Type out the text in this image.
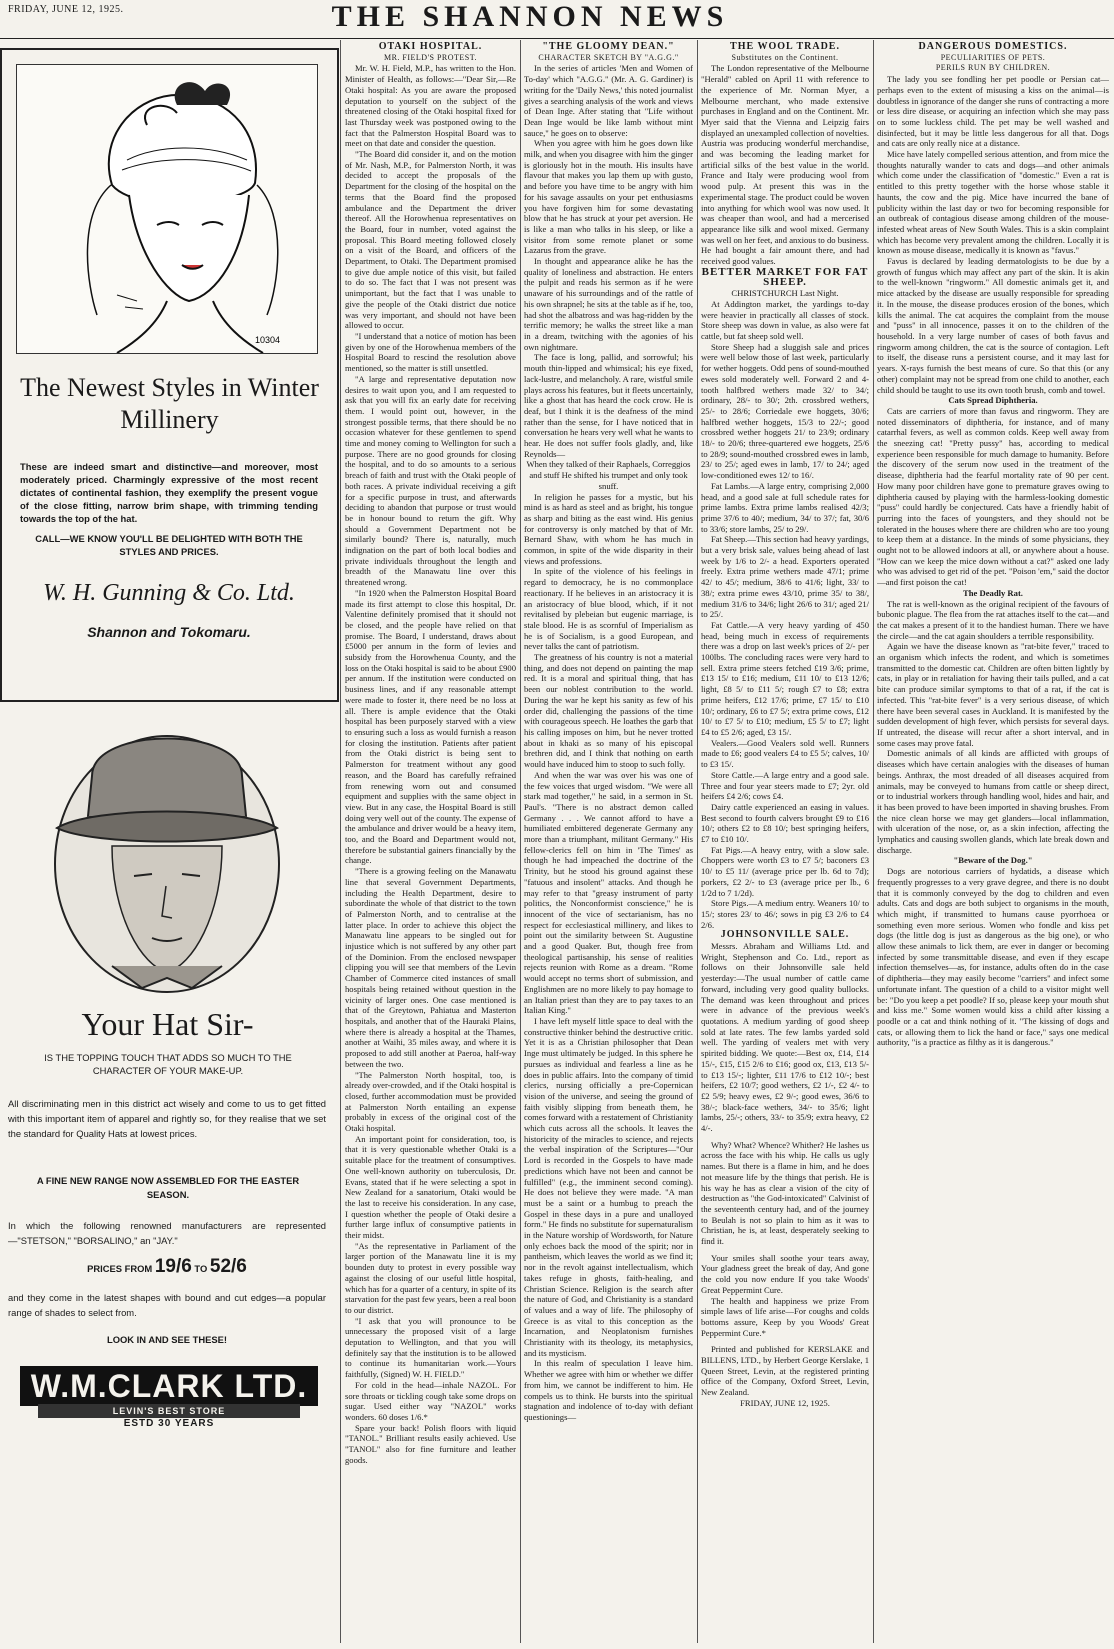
FRIDAY, JUNE 12, 1925.	THE SHANNON NEWS
10304
The Newest Styles in Winter Millinery
These are indeed smart and distinctive—and moreover, most moderately priced. Charmingly expressive of the most recent dictates of continental fashion, they exemplify the present vogue of the close fitting, narrow brim shape, with trimming tending towards the top of the hat.
CALL—WE KNOW YOU'LL BE DELIGHTED WITH BOTH THE STYLES AND PRICES.
W. H. Gunning & Co. Ltd.
Shannon and Tokomaru.
Your Hat Sir-
IS THE TOPPING TOUCH THAT ADDS SO MUCH TO THE CHARACTER OF YOUR MAKE-UP.
All discriminating men in this district act wisely and come to us to get fitted with this important item of apparel and rightly so, for they realise that we set the standard for Quality Hats at lowest prices.
A FINE NEW RANGE NOW ASSEMBLED FOR THE EASTER SEASON.
In which the following renowned manufacturers are represented—"STETSON," "BORSALINO," an "JAY."
PRICES FROM 19/6 TO 52/6
and they come in the latest shapes with bound and cut edges—a popular range of shades to select from.
LOOK IN AND SEE THESE!
W.M.CLARK LTD.
LEVIN'S BEST STORE
ESTD 30 YEARS

OTAKI HOSPITAL.

MR. FIELD'S PROTEST.

Mr. W. H. Field, M.P., has written to the Hon. Minister of Health, as follows:—"Dear Sir,—Re Otaki hospital: As you are aware the proposed deputation to yourself on the subject of the threatened closing of the Otaki hospital fixed for last Thursday week was postponed owing to the fact that the Palmerston Hospital Board was to meet on that date and consider the question.

"The Board did consider it, and on the motion of Mr. Nash, M.P., for Palmerston North, it was decided to accept the proposals of the Department for the closing of the hospital on the terms that the Board find the proposed ambulance and the Department the driver thereof. All the Horowhenua representatives on the Board, four in number, voted against the proposal. This Board meeting followed closely on a visit of the Board, and officers of the Department, to Otaki. The Department promised to give due ample notice of this visit, but failed to do so. The fact that I was not present was unimportant, but the fact that I was unable to give the people of the Otaki district due notice was very important, and should not have been allowed to occur.

"I understand that a notice of motion has been given by one of the Horowhenua members of the Hospital Board to rescind the resolution above mentioned, so the matter is still unsettled.

"A large and representative deputation now desires to wait upon you, and I am requested to ask that you will fix an early date for receiving them. I would point out, however, in the strongest possible terms, that there should be no occasion whatever for these gentlemen to spend time and money coming to Wellington for such a purpose. There are no good grounds for closing the hospital, and to do so amounts to a serious breach of faith and trust with the Otaki people of both races. A private individual receiving a gift for a specific purpose in trust, and afterwards deciding to abandon that purpose or trust would be in honour bound to return the gift. Why should a Government Department not be similarly bound? There is, naturally, much indignation on the part of both local bodies and private individuals throughout the length and breadth of the Manawatu line over this threatened wrong.

"In 1920 when the Palmerston Hospital Board made its first attempt to close this hospital, Dr. Valentine definitely promised that it should not be closed, and the people have relied on that promise. The Board, I understand, draws about £5000 per annum in the form of levies and subsidy from the Horowhenua County, and the loss on the Otaki hospital is said to be about £900 per annum. If the institution were conducted on business lines, and if any reasonable attempt were made to foster it, there need be no loss at all. There is ample evidence that the Otaki hospital has been purposely starved with a view to ensuring such a loss as would furnish a reason for closing the institution. Patients after patient from the Otaki district is being sent to Palmerston for treatment without any good reason, and the Board has carefully refrained from renewing worn out and consumed equipment and supplies with the same object in view. But in any case, the Hospital Board is still doing very well out of the county. The expense of the ambulance and driver would be a heavy item, too, and the Board and Department would not, therefore be substantial gainers financially by the change.

"There is a growing feeling on the Manawatu line that several Government Departments, including the Health Department, desire to subordinate the whole of that district to the town of Palmerston North, and to centralise at the latter place. In order to achieve this object the Manawatu line appears to be singled out for injustice which is not suffered by any other part of the Dominion. From the enclosed newspaper clipping you will see that members of the Levin Chamber of Commerce cited instances of small hospitals being retained without question in the vicinity of larger ones. One case mentioned is that of the Greytown, Pahiatua and Masterton hospitals, and another that of the Hauraki Plains, where there is already a hospital at the Thames, another at Waihi, 35 miles away, and where it is proposed to add still another at Paeroa, half-way between the two.

"The Palmerston North hospital, too, is already over-crowded, and if the Otaki hospital is closed, further accommodation must be provided at Palmerston North entailing an expense probably in excess of the original cost of the Otaki hospital.

An important point for consideration, too, is that it is very questionable whether Otaki is a suitable place for the treatment of consumptives. One well-known authority on tuberculosis, Dr. Evans, stated that if he were selecting a spot in New Zealand for a sanatorium, Otaki would be the last to receive his consideration. In any case, I question whether the people of Otaki desire a further large influx of consumptive patients in their midst.

"As the representative in Parliament of the larger portion of the Manawatu line it is my bounden duty to protest in every possible way against the closing of our useful little hospital, which has for a quarter of a century, in spite of its starvation for the past few years, been a real boon to our district.

"I ask that you will pronounce to be unnecessary the proposed visit of a large deputation to Wellington, and that you will definitely say that the institution is to be allowed to continue its humanitarian work.—Yours faithfully, (Signed) W. H. FIELD."

For cold in the head—inhale NAZOL. For sore throats or tickling cough take some drops on sugar. Used either way "NAZOL" works wonders. 60 doses 1/6.*

Spare your back! Polish floors with liquid "TANOL." Brilliant results easily achieved. Use "TANOL" also for fine furniture and leather goods.

"THE GLOOMY DEAN."

CHARACTER SKETCH BY "A.G.G."

In the series of articles 'Men and Women of To-day' which "A.G.G." (Mr. A. G. Gardiner) is writing for the 'Daily News,' this noted journalist gives a searching analysis of the work and views of Dean Inge. After stating that "Life without Dean Inge would be like lamb without mint sauce," he goes on to observe:

When you agree with him he goes down like milk, and when you disagree with him the ginger is gloriously hot in the mouth. His insults have flavour that makes you lap them up with gusto, and before you have time to be angry with him for his savage assaults on your pet enthusiasms you have forgiven him for some devastating blow that he has struck at your pet aversion. He is like a man who talks in his sleep, or like a visitor from some remote planet or some Lazarus from the grave.

In thought and appearance alike he has the quality of loneliness and abstraction. He enters the pulpit and reads his sermon as if he were unaware of his surroundings and of the rattle of his own shrapnel; he sits at the table as if he, too, had shot the albatross and was hag-ridden by the terrific memory; he walks the street like a man in a dream, twitching with the agonies of his own nightmare.

The face is long, pallid, and sorrowful; his mouth thin-lipped and whimsical; his eye fixed, lack-lustre, and melancholy. A rare, wistful smile plays across his features, but it fleets uncertainly, like a ghost that has heard the cock crow. He is deaf, but I think it is the deafness of the mind rather than the sense, for I have noticed that in conversation he hears very well what he wants to hear. He does not suffer fools gladly, and, like Reynolds—

When they talked of their Raphaels, Correggios and stuff He shifted his trumpet and only took snuff.

In religion he passes for a mystic, but his mind is as hard as steel and as bright, his tongue as sharp and biting as the east wind. His genius for controversy is only matched by that of Mr. Bernard Shaw, with whom he has much in common, in spite of the wide disparity in their views and professions.

In spite of the violence of his feelings in regard to democracy, he is no commonplace reactionary. If he believes in an aristocracy it is an aristocracy of blue blood, which, if it not revitalised by plebeian but eugenic marriage, is stale blood. He is as scornful of Imperialism as he is of Socialism, is a good European, and never talks the cant of patriotism.

The greatness of his country is not a material thing, and does not depend on painting the map red. It is a moral and spiritual thing, that has been our noblest contribution to the world. During the war he kept his sanity as few of his order did, challenging the passions of the time with courageous speech. He loathes the garb that his calling imposes on him, but he never trotted about in khaki as so many of his episcopal brethren did, and I think that nothing on earth would have induced him to stoop to such folly.

And when the war was over his was one of the few voices that urged wisdom. "We were all stark mad together," he said, in a sermon in St. Paul's. "There is no abstract demon called Germany . . . We cannot afford to have a humiliated embittered degenerate Germany any more than a triumphant, militant Germany." His fellow-clerics fell on him in 'The Times' as though he had impeached the doctrine of the Trinity, but he stood his ground against these "fatuous and insolent" attacks. And though he may refer to that "greasy instrument of party politics, the Nonconformist conscience," he is innocent of the vice of sectarianism, has no respect for ecclesiastical millinery, and likes to point out the similarity between St. Augustine and a good Quaker. But, though free from theological partisanship, his sense of realities rejects reunion with Rome as a dream. "Rome would accept no terms short of submission, and Englishmen are no more likely to pay homage to an Italian priest than they are to pay taxes to an Italian King."

I have left myself little space to deal with the constructive thinker behind the destructive critic. Yet it is as a Christian philosopher that Dean Inge must ultimately be judged. In this sphere he pursues as individual and fearless a line as he does in public affairs. Into the company of timid clerics, nursing officially a pre-Copernican vision of the universe, and seeing the ground of faith visibly slipping from beneath them, he comes forward with a restatement of Christianity which cuts across all the schools. It leaves the historicity of the miracles to science, and rejects the verbal inspiration of the Scriptures—"Our Lord is recorded in the Gospels to have made predictions which have not been and cannot be fulfilled" (e.g., the imminent second coming). He does not believe they were made. "A man must be a saint or a humbug to preach the Gospel in these days in a pure and unalloyed form." He finds no substitute for supernaturalism in the Nature worship of Wordsworth, for Nature only echoes back the mood of the spirit; nor in pantheism, which leaves the world as we find it; nor in the revolt against intellectualism, which takes refuge in ghosts, faith-healing, and Christian Science. Religion is the search after the nature of God, and Christianity is a standard of values and a way of life. The philosophy of Greece is as vital to this conception as the Incarnation, and Neoplatonism furnishes Christianity with its theology, its metaphysics, and its mysticism.

In this realm of speculation I leave him. Whether we agree with him or whether we differ from him, we cannot be indifferent to him. He compels us to think. He bursts into the spiritual stagnation and indolence of to-day with defiant questionings—

THE WOOL TRADE.

Substitutes on the Continent.

The London representative of the Melbourne "Herald" cabled on April 11 with reference to the experience of Mr. Norman Myer, a Melbourne merchant, who made extensive purchases in England and on the Continent. Mr. Myer said that the Vienna and Leipzig fairs displayed an unexampled collection of novelties. Austria was producing wonderful merchandise, and was becoming the leading market for artificial silks of the best value in the world. France and Italy were producing wool from wood pulp. At present this was in the experimental stage. The product could be woven into anything for which wool was now used. It was cheaper than wool, and had a mercerised appearance like silk and wool mixed. Germany was well on her feet, and anxious to do business. He had bought a fair amount there, and had received good values.

BETTER MARKET FOR FAT SHEEP.

CHRISTCHURCH Last Night.

At Addington market, the yardings to-day were heavier in practically all classes of stock. Store sheep was down in value, as also were fat cattle, but fat sheep sold well.

Store Sheep had a sluggish sale and prices were well below those of last week, particularly for wether hoggets. Odd pens of sound-mouthed ewes sold moderately well. Forward 2 and 4-tooth halfbred wethers made 32/ to 34/; ordinary, 28/- to 30/; 2th. crossbred wethers, 25/- to 28/6; Corriedale ewe hoggets, 30/6; halfbred wether hoggets, 15/3 to 22/-; good crossbred wether hoggets 21/ to 23/9; ordinary 18/- to 20/6; three-quartered ewe hoggets, 25/6 to 28/9; sound-mouthed crossbred ewes in lamb, 23/ to 25/; aged ewes in lamb, 17/ to 24/; aged low-conditioned ewes 12/ to 16/.

Fat Lambs.—A large entry, comprising 2,000 head, and a good sale at full schedule rates for prime lambs. Extra prime lambs realised 42/3; prime 37/6 to 40/; medium, 34/ to 37/; fat, 30/6 to 33/6; store lambs, 25/ to 29/.

Fat Sheep.—This section had heavy yardings, but a very brisk sale, values being ahead of last week by 1/6 to 2/- a head. Exporters operated freely. Extra prime wethers made 47/1; prime 42/ to 45/; medium, 38/6 to 41/6; light, 33/ to 38/; extra prime ewes 43/10, prime 35/ to 38/, medium 31/6 to 34/6; light 26/6 to 31/; aged 21/ to 25/.

Fat Cattle.—A very heavy yarding of 450 head, being much in excess of requirements there was a drop on last week's prices of 2/- per 100lbs. The concluding races were very hard to sell. Extra prime steers fetched £19 3/6; prime, £13 15/ to £16; medium, £11 10/ to £13 12/6; light, £8 5/ to £11 5/; rough £7 to £8; extra prime heifers, £12 17/6; prime, £7 15/ to £10 10/; ordinary, £6 to £7 5/; extra prime cows, £12 10/ to £7 5/ to £10; medium, £5 5/ to £7; light £4 to £5 2/6; aged, £3 15/.

Vealers.—Good Vealers sold well. Runners made to £6; good vealers £4 to £5 5/; calves, 10/ to £3 15/.

Store Cattle.—A large entry and a good sale. Three and four year steers made to £7; 2yr. old heifers £4 2/6; cows £4.

Dairy cattle experienced an easing in values. Best second to fourth calvers brought £9 to £16 10/; others £2 to £8 10/; best springing heifers, £7 to £10 10/.

Fat Pigs.—A heavy entry, with a slow sale. Choppers were worth £3 to £7 5/; baconers £3 10/ to £5 11/ (average price per lb. 6d to 7d); porkers, £2 2/- to £3 (average price per lb., 6 1/2d to 7 1/2d).

Store Pigs.—A medium entry. Weaners 10/ to 15/; stores 23/ to 46/; sows in pig £3 2/6 to £4 2/6.

JOHNSONVILLE SALE.

Messrs. Abraham and Williams Ltd. and Wright, Stephenson and Co. Ltd., report as follows on their Johnsonville sale held yesterday:—The usual number of cattle came forward, including very good quality bullocks. The demand was keen throughout and prices were in advance of the previous week's quotations. A medium yarding of good sheep sold at late rates. The few lambs yarded sold well. The yarding of vealers met with very spirited bidding. We quote:—Best ox, £14, £14 15/-, £15, £15 2/6 to £16; good ox, £13, £13 5/- to £13 15/-; lighter, £11 17/6 to £12 10/-; best heifers, £2 10/7; good wethers, £2 1/-, £2 4/- to £2 5/9; heavy ewes, £2 9/-; good ewes, 36/6 to 38/-; black-face wethers, 34/- to 35/6; light lambs, 25/-; others, 33/- to 35/9; extra heavy, £2 4/-.

Why? What? Whence? Whither? He lashes us across the face with his whip. He calls us ugly names. But there is a flame in him, and he does not measure life by the things that perish. He is his way he has as clear a vision of the city of destruction as "the God-intoxicated" Calvinist of the seventeenth century had, and of the journey to Beulah is not so plain to him as it was to Christian, he is, at least, desperately seeking to find it.

Your smiles shall soothe your tears away, Your gladness greet the break of day, And gone the cold you now endure If you take Woods' Great Peppermint Cure.

The health and happiness we prize From simple laws of life arise—For coughs and colds bottoms assure, Keep by you Woods' Great Peppermint Cure.*

Printed and published for KERSLAKE and BILLENS, LTD., by Herbert George Kerslake, 1 Queen Street, Levin, at the registered printing office of the Company, Oxford Street, Levin, New Zealand.

FRIDAY, JUNE 12, 1925.

DANGEROUS DOMESTICS.

PECULIARITIES OF PETS.

PERILS RUN BY CHILDREN.

The lady you see fondling her pet poodle or Persian cat—perhaps even to the extent of misusing a kiss on the animal—is doubtless in ignorance of the danger she runs of contracting a more or less dire disease, or acquiring an infection which she may pass on to some luckless child. The pet may be well washed and disinfected, but it may be little less dangerous for all that. Dogs and cats are only really nice at a distance.

Mice have lately compelled serious attention, and from mice the thoughts naturally wander to cats and dogs—and other animals which come under the classification of "domestic." Even a rat is entitled to this pretty together with the horse whose stable it haunts, the cow and the pig. Mice have incurred the bane of publicity within the last day or two for becoming responsible for an outbreak of contagious disease among children of the mouse-infested wheat areas of New South Wales. This is a skin complaint which has become very prevalent among the children. Locally it is known as mouse disease, medically it is known as "favus."

Favus is declared by leading dermatologists to be due by a growth of fungus which may affect any part of the skin. It is akin to the well-known "ringworm." All domestic animals get it, and mice attacked by the disease are usually responsible for spreading it. In the mouse, the disease produces erosion of the bones, which kills the animal. The cat acquires the complaint from the mouse and "puss" in all innocence, passes it on to the children of the household. In a very large number of cases of both favus and ringworm among children, the cat is the source of contagion. Left to itself, the disease runs a persistent course, and it may last for years. X-rays furnish the best means of cure. So that this (or any other) complaint may not be spread from one child to another, each child should be taught to use its own tooth brush, comb and towel.

Cats Spread Diphtheria.

Cats are carriers of more than favus and ringworm. They are noted disseminators of diphtheria, for instance, and of many catarrhal fevers, as well as common colds. Keep well away from the sneezing cat! "Pretty pussy" has, according to medical experience been responsible for much damage to humanity. Before the discovery of the serum now used in the treatment of the disease, diphtheria had the fearful mortality rate of 90 per cent. How many poor children have gone to premature graves owing to diphtheria caused by playing with the harmless-looking domestic "puss" could hardly be conjectured. Cats have a friendly habit of purring into the faces of youngsters, and they should not be tolerated in the houses where there are children who are too young to keep them at a distance. In the minds of some physicians, they ought not to be allowed indoors at all, or anywhere about a house. "How can we keep the mice down without a cat?" asked one lady who was advised to get rid of the pet. "Poison 'em," said the doctor—and first poison the cat!

The Deadly Rat.

The rat is well-known as the original recipient of the favours of bubonic plague. The flea from the rat attaches itself to the cat—and the cat makes a present of it to the handiest human. There we have the circle—and the cat again shoulders a terrible responsibility.

Again we have the disease known as "rat-bite fever," traced to an organism which infects the rodent, and which is sometimes transmitted to the domestic cat. Children are often bitten lightly by cats, in play or in retaliation for having their tails pulled, and a cat bite can produce similar symptoms to that of a rat, if the cat is infected. This "rat-bite fever" is a very serious disease, of which there have been several cases in Auckland. It is manifested by the sudden development of high fever, which persists for several days. If untreated, the disease will recur after a short interval, and in some cases may prove fatal.

Domestic animals of all kinds are afflicted with groups of diseases which have certain analogies with the diseases of human beings. Anthrax, the most dreaded of all diseases acquired from animals, may be conveyed to humans from cattle or sheep direct, or to industrial workers through handling wool, hides and hair, and it has been proved to have been imported in shaving brushes. From the nice clean horse we may get glanders—local inflammation, with ulceration of the nose, or, as a skin infection, affecting the lymphatics and causing swollen glands, which late break down and discharge.

"Beware of the Dog."

Dogs are notorious carriers of hydatids, a disease which frequently progresses to a very grave degree, and there is no doubt that it is commonly conveyed by the dog to children and even adults. Cats and dogs are both subject to organisms in the mouth, which might, if transmitted to humans cause pyorrhoea or something even more serious. Women who fondle and kiss pet dogs (the little dog is just as dangerous as the big one), or who allow these animals to lick them, are ever in danger or becoming infected by some transmittable disease, and even if they escape infection themselves—as, for instance, adults often do in the case of diphtheria—they may easily become "carriers" and infect some unfortunate infant. The question of a child to a visitor might well be: "Do you keep a pet poodle? If so, please keep your mouth shut and kiss me." Some women would kiss a child after kissing a poodle or a cat and think nothing of it. "The kissing of dogs and cats, or allowing them to lick the hand or face," says one medical authority, "is a practice as filthy as it is dangerous."
